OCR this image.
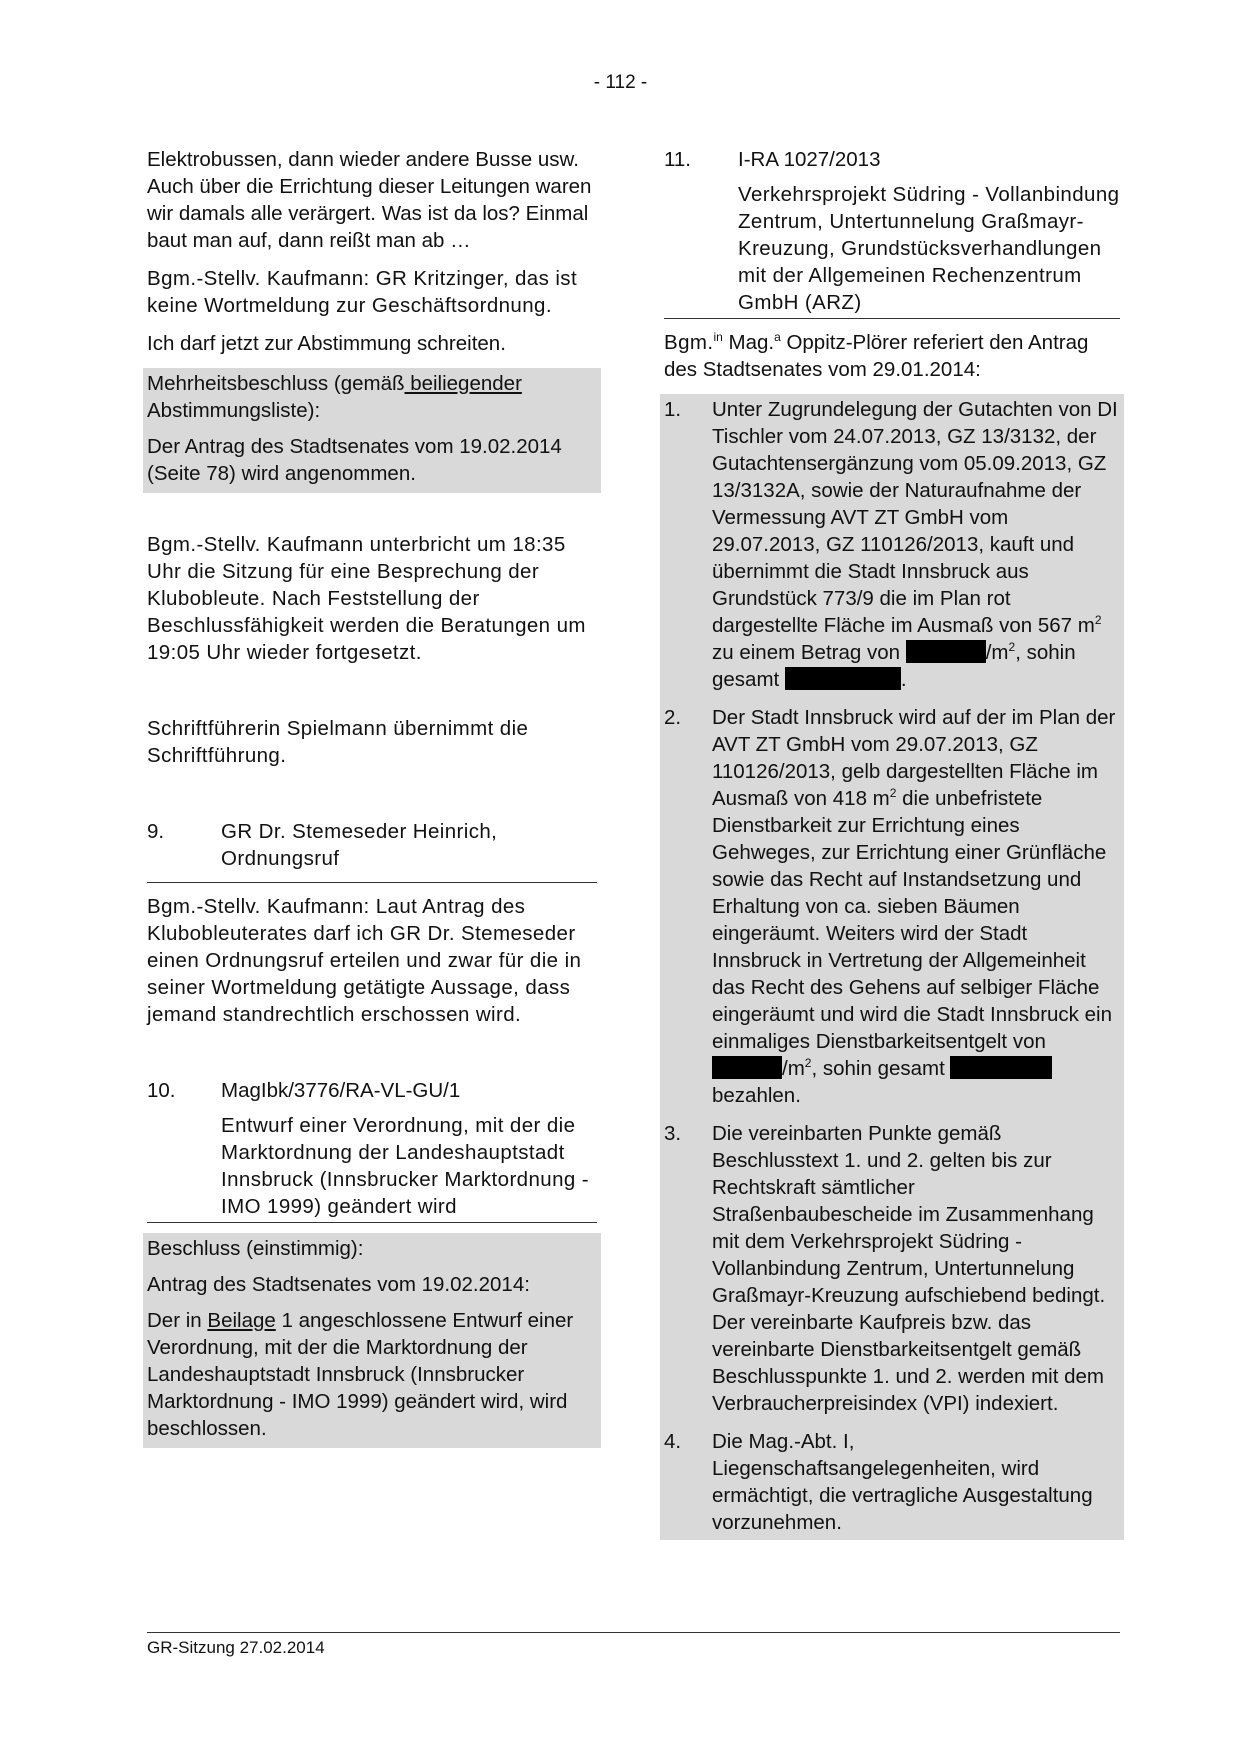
- 112 -

Elektrobussen, dann wieder andere Busse usw. Auch über die Errichtung dieser Leitungen waren wir damals alle verärgert. Was ist da los? Einmal baut man auf, dann reißt man ab …

Bgm.-Stellv. Kaufmann: GR Kritzinger, das ist keine Wortmeldung zur Geschäftsordnung.

Ich darf jetzt zur Abstimmung schreiten.

Mehrheitsbeschluss (gemäß beiliegender Abstimmungsliste):

Der Antrag des Stadtsenates vom 19.02.2014 (Seite 78) wird angenommen.

Bgm.-Stellv. Kaufmann unterbricht um 18:35 Uhr die Sitzung für eine Besprechung der Klubobleute. Nach Feststellung der Beschlussfähigkeit werden die Beratungen um 19:05 Uhr wieder fortgesetzt.

Schriftführerin Spielmann übernimmt die Schriftführung.

9.	GR Dr. Stemeseder Heinrich, Ordnungsruf

Bgm.-Stellv. Kaufmann: Laut Antrag des Klubobleuterates darf ich GR Dr. Stemeseder einen Ordnungsruf erteilen und zwar für die in seiner Wortmeldung getätigte Aussage, dass jemand standrechtlich erschossen wird.

10.	MagIbk/3776/RA-VL-GU/1
Entwurf einer Verordnung, mit der die Marktordnung der Landeshauptstadt Innsbruck (Innsbrucker Marktordnung - IMO 1999) geändert wird

Beschluss (einstimmig):

Antrag des Stadtsenates vom 19.02.2014:

Der in Beilage 1 angeschlossene Entwurf einer Verordnung, mit der die Marktordnung der Landeshauptstadt Innsbruck (Innsbrucker Marktordnung - IMO 1999) geändert wird, wird beschlossen.

11.	I-RA 1027/2013
Verkehrsprojekt Südring - Vollanbindung Zentrum, Untertunnelung Graßmayr-Kreuzung, Grundstücksverhandlungen mit der Allgemeinen Rechenzentrum GmbH (ARZ)

Bgm.$^{in}$ Mag.$^a$ Oppitz-Plörer referiert den Antrag des Stadtsenates vom 29.01.2014:

1.	Unter Zugrundelegung der Gutachten von DI Tischler vom 24.07.2013, GZ 13/3132, der Gutachtensergänzung vom 05.09.2013, GZ 13/3132A, sowie der Naturaufnahme der Vermessung AVT ZT GmbH vom 29.07.2013, GZ 110126/2013, kauft und übernimmt die Stadt Innsbruck aus Grundstück 773/9 die im Plan rot dargestellte Fläche im Ausmaß von 567 $m^2$ zu einem Betrag von	$/m^2$, sohin gesamt	.
2.	Der Stadt Innsbruck wird auf der im Plan der AVT ZT GmbH vom 29.07.2013, GZ 110126/2013, gelb dargestellten Fläche im Ausmaß von 418 $m^2$ die unbefristete Dienstbarkeit zur Errichtung eines Gehweges, zur Errichtung einer Grünfläche sowie das Recht auf Instandsetzung und Erhaltung von ca. sieben Bäumen eingeräumt. Weiters wird der Stadt Innsbruck in Vertretung der Allgemeinheit das Recht des Gehens auf selbiger Fläche eingeräumt und wird die Stadt Innsbruck ein einmaliges Dienstbarkeitsentgelt von $/m^2$, sohin gesamt  bezahlen.
3.	Die vereinbarten Punkte gemäß Beschlusstext 1. und 2. gelten bis zur Rechtskraft sämtlicher Straßenbaubescheide im Zusammenhang mit dem Verkehrsprojekt Südring - Vollanbindung Zentrum, Untertunnelung Graßmayr-Kreuzung aufschiebend bedingt. Der vereinbarte Kaufpreis bzw. das vereinbarte Dienstbarkeitsentgelt gemäß Beschlusspunkte 1. und 2. werden mit dem Verbraucherpreisindex (VPI) indexiert.
4.	Die Mag.-Abt. I, Liegenschaftsangelegenheiten, wird ermächtigt, die vertragliche Ausgestaltung vorzunehmen.
GR-Sitzung 27.02.2014
